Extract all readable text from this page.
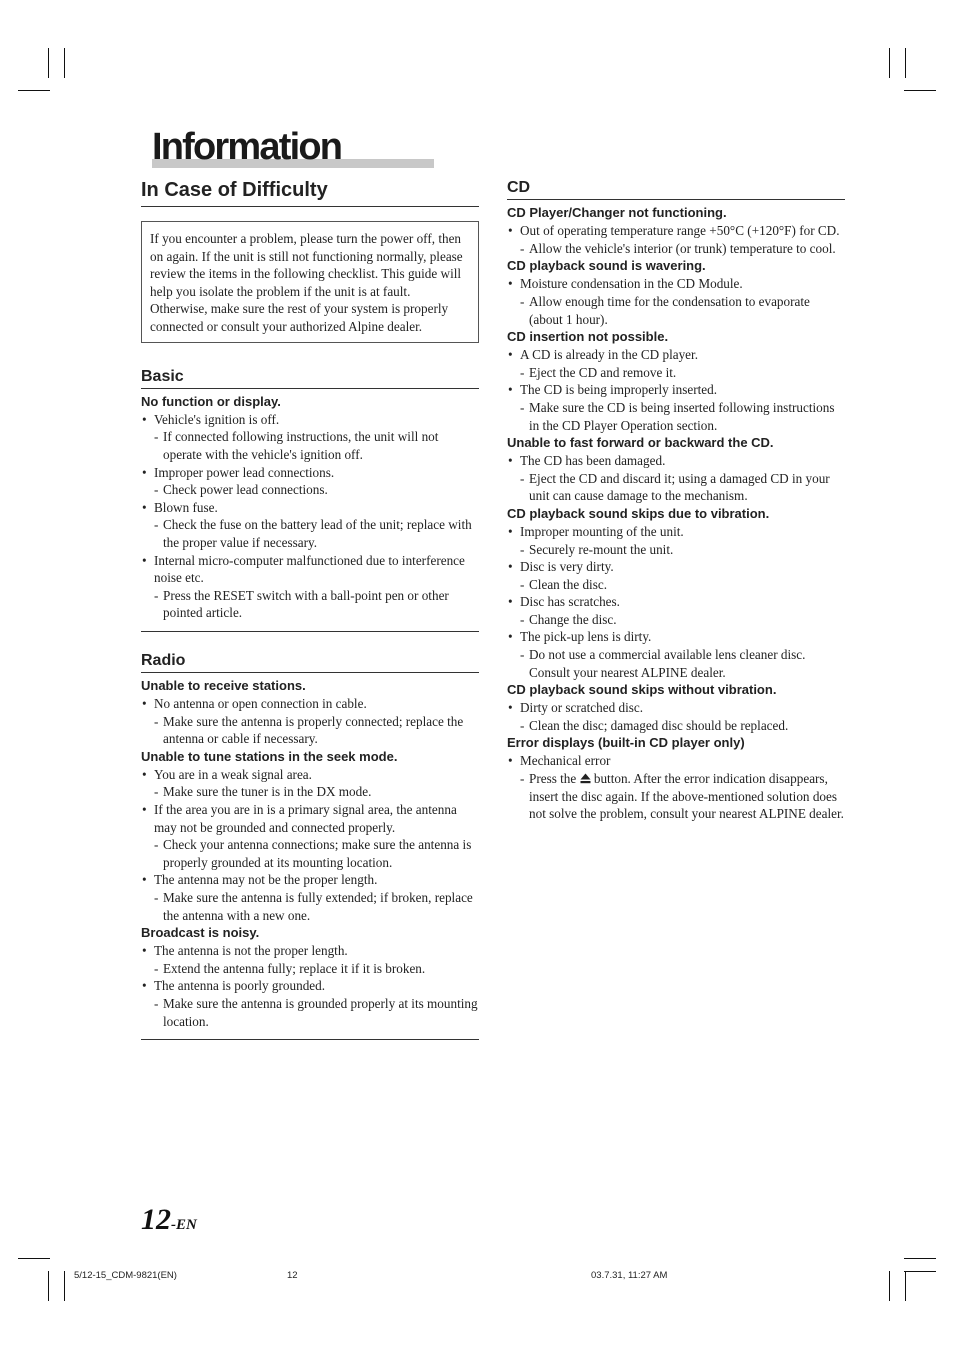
Information
In Case of Difficulty
If you encounter a problem, please turn the power off, then on again. If the unit is still not functioning normally, please review the items in the following checklist. This guide will help you isolate the problem if the unit is at fault. Otherwise, make sure the rest of your system is properly connected or consult your authorized Alpine dealer.
Basic

No function or display.

• Vehicle's ignition is off.
- If connected following instructions, the unit will not operate with the vehicle's ignition off.
• Improper power lead connections.
- Check power lead connections.
• Blown fuse.
- Check the fuse on the battery lead of the unit; replace with the proper value if necessary.
• Internal micro-computer malfunctioned due to interference noise etc.
- Press the RESET switch with a ball-point pen or other pointed article.
Radio

Unable to receive stations.

• No antenna or open connection in cable.
- Make sure the antenna is properly connected; replace the antenna or cable if necessary.

Unable to tune stations in the seek mode.

• You are in a weak signal area.
- Make sure the tuner is in the DX mode.
• If the area you are in is a primary signal area, the antenna may not be grounded and connected properly.
- Check your antenna connections; make sure the antenna is properly grounded at its mounting location.
• The antenna may not be the proper length.
- Make sure the antenna is fully extended; if broken, replace the antenna with a new one.

Broadcast is noisy.

• The antenna is not the proper length.
- Extend the antenna fully; replace it if it is broken.
• The antenna is poorly grounded.
- Make sure the antenna is grounded properly at its mounting location.
CD

CD Player/Changer not functioning.

• Out of operating temperature range +50°C (+120°F) for CD.
- Allow the vehicle's interior (or trunk) temperature to cool.

CD playback sound is wavering.

• Moisture condensation in the CD Module.
- Allow enough time for the condensation to evaporate (about 1 hour).

CD insertion not possible.

• A CD is already in the CD player.
- Eject the CD and remove it.
• The CD is being improperly inserted.
- Make sure the CD is being inserted following instructions in the CD Player Operation section.

Unable to fast forward or backward the CD.

• The CD has been damaged.
- Eject the CD and discard it; using a damaged CD in your unit can cause damage to the mechanism.

CD playback sound skips due to vibration.

• Improper mounting of the unit.
- Securely re-mount the unit.
• Disc is very dirty.
- Clean the disc.
• Disc has scratches.
- Change the disc.
• The pick-up lens is dirty.
- Do not use a commercial available lens cleaner disc. Consult your nearest ALPINE dealer.

CD playback sound skips without vibration.

• Dirty or scratched disc.
- Clean the disc; damaged disc should be replaced.

Error displays (built-in CD player only)

• Mechanical error
- Press the button. After the error indication disappears, insert the disc again. If the above-mentioned solution does not solve the problem, consult your nearest ALPINE dealer.
12-EN
5/12-15_CDM-9821(EN)	12	03.7.31, 11:27 AM
